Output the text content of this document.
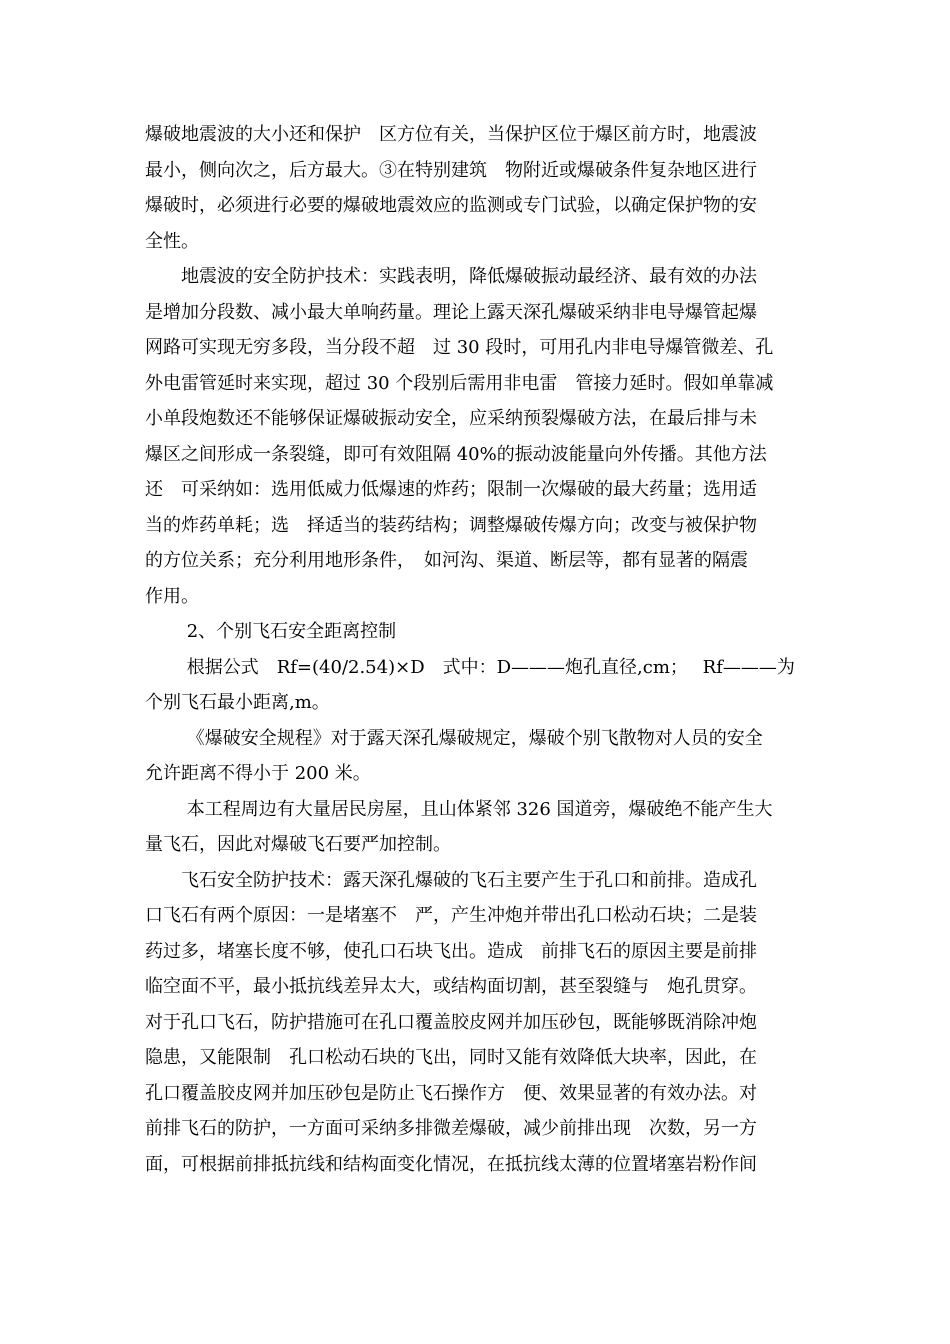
爆破地震波的大小还和保护　区方位有关，当保护区位于爆区前方时，地震波
最小，侧向次之，后方最大。③在特别建筑　物附近或爆破条件复杂地区进行
爆破时，必须进行必要的爆破地震效应的监测或专门试验，以确定保护物的安
全性。
　　地震波的安全防护技术：实践表明，降低爆破振动最经济、最有效的办法
是增加分段数、减小最大单响药量。理论上露天深孔爆破采纳非电导爆管起爆
网路可实现无穷多段，当分段不超　过 30 段时，可用孔内非电导爆管微差、孔
外电雷管延时来实现，超过 30 个段别后需用非电雷　管接力延时。假如单靠减
小单段炮数还不能够保证爆破振动安全，应采纳预裂爆破方法，在最后排与未
爆区之间形成一条裂缝，即可有效阻隔 40%的振动波能量向外传播。其他方法
还　可采纳如：选用低威力低爆速的炸药；限制一次爆破的最大药量；选用适
当的炸药单耗；选　择适当的装药结构；调整爆破传爆方向；改变与被保护物
的方位关系；充分利用地形条件，　如河沟、渠道、断层等，都有显著的隔震
作用。
　　 2、个别飞石安全距离控制
　　 根据公式　Rf=(40/2.54)×D　式中：D———炮孔直径,cm；　 Rf———为
个别飞石最小距离,m。
　　 《爆破安全规程》对于露天深孔爆破规定，爆破个别飞散物对人员的安全
允许距离不得小于 200 米。
　　 本工程周边有大量居民房屋，且山体紧邻 326 国道旁，爆破绝不能产生大
量飞石，因此对爆破飞石要严加控制。
　　飞石安全防护技术：露天深孔爆破的飞石主要产生于孔口和前排。造成孔
口飞石有两个原因：一是堵塞不　严，产生冲炮并带出孔口松动石块；二是装
药过多，堵塞长度不够，使孔口石块飞出。造成　前排飞石的原因主要是前排
临空面不平，最小抵抗线差异太大，或结构面切割，甚至裂缝与　炮孔贯穿。
对于孔口飞石，防护措施可在孔口覆盖胶皮网并加压砂包，既能够既消除冲炮
隐患，又能限制　孔口松动石块的飞出，同时又能有效降低大块率，因此，在
孔口覆盖胶皮网并加压砂包是防止飞石操作方　便、效果显著的有效办法。对
前排飞石的防护，一方面可采纳多排微差爆破，减少前排出现　次数，另一方
面，可根据前排抵抗线和结构面变化情况，在抵抗线太薄的位置堵塞岩粉作间
